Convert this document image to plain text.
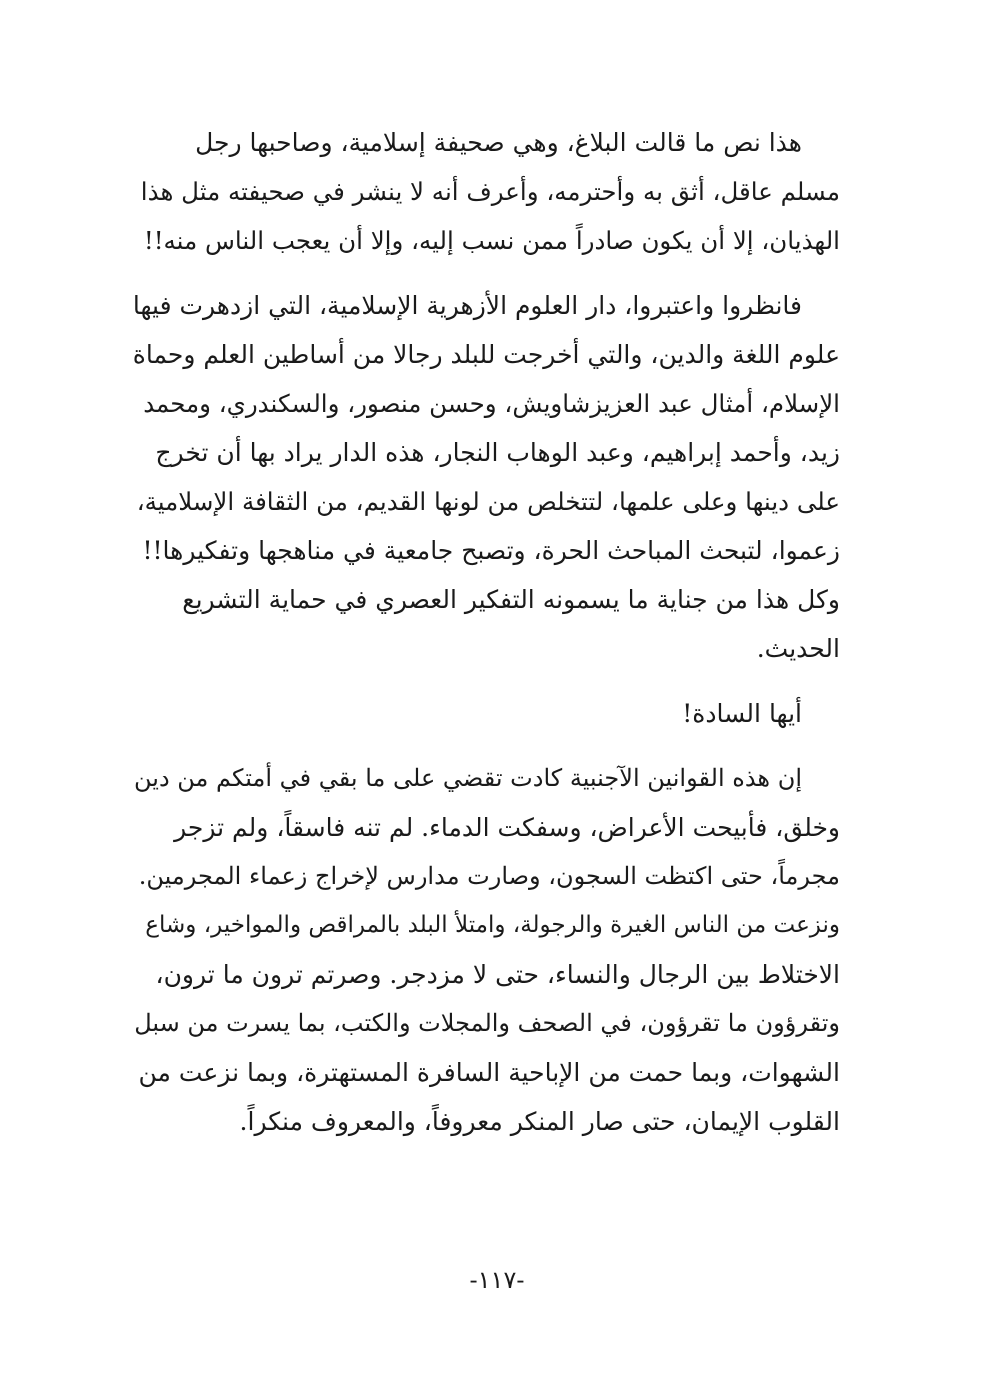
هذا نص ما قالت البلاغ، وهي صحيفة إسلامية، وصاحبها رجل
مسلم عاقل، أثق به وأحترمه، وأعرف أنه لا ينشر في صحيفته مثل هذا
الهذيان، إلا أن يكون صادراً ممن نسب إليه، وإلا أن يعجب الناس منه!!
فانظروا واعتبروا، دار العلوم الأزهرية الإسلامية، التي ازدهرت فيها
علوم اللغة والدين، والتي أخرجت للبلد رجالا من أساطين العلم وحماة
الإسلام، أمثال عبد العزيزشاويش، وحسن منصور، والسكندري، ومحمد
زيد، وأحمد إبراهيم، وعبد الوهاب النجار، هذه الدار يراد بها أن تخرج
على دينها وعلى علمها، لتتخلص من لونها القديم، من الثقافة الإسلامية،
زعموا، لتبحث المباحث الحرة، وتصبح جامعية في مناهجها وتفكيرها!!
وكل هذا من جناية ما يسمونه التفكير العصري في حماية التشريع
الحديث.
أيها السادة!
إن هذه القوانين الآجنبية كادت تقضي على ما بقي في أمتكم من دين
وخلق، فأبيحت الأعراض، وسفكت الدماء. لم تنه فاسقاً، ولم تزجر
مجرماً، حتى اكتظت السجون، وصارت مدارس لإخراج زعماء المجرمين.
ونزعت من الناس الغيرة والرجولة، وامتلأ البلد بالمراقص والمواخير، وشاع
الاختلاط بين الرجال والنساء، حتى لا مزدجر. وصرتم ترون ما ترون،
وتقرؤون ما تقرؤون، في الصحف والمجلات والكتب، بما يسرت من سبل
الشهوات، وبما حمت من الإباحية السافرة المستهترة، وبما نزعت من
القلوب الإيمان، حتى صار المنكر معروفاً، والمعروف منكراً.
-١١٧-
